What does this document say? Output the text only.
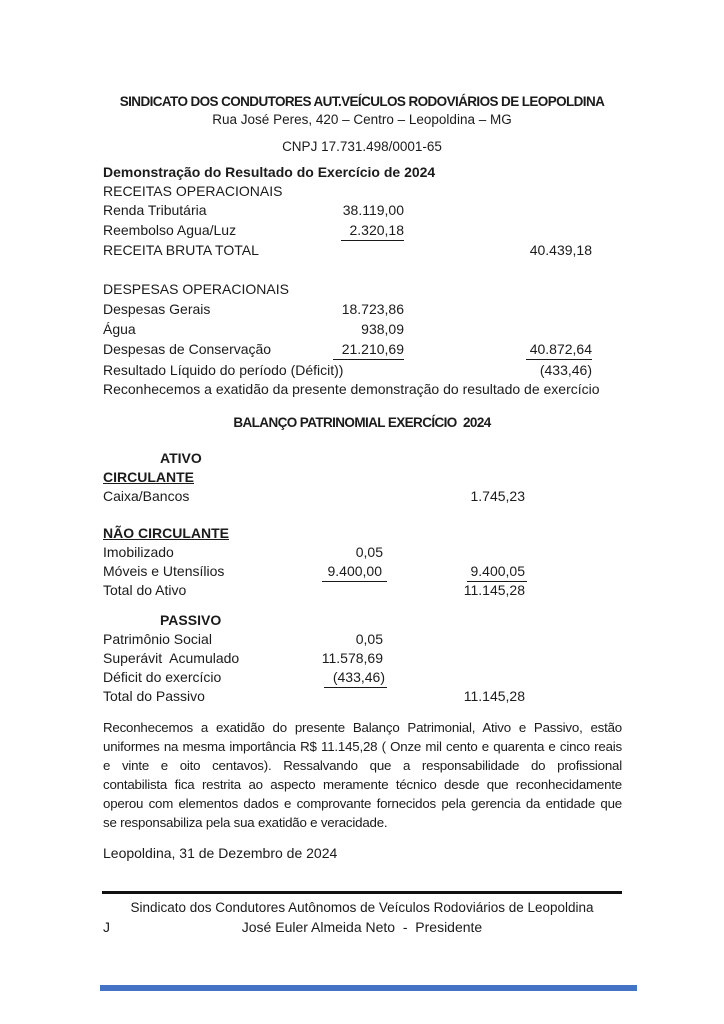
SINDICATO DOS CONDUTORES AUT.VEÍCULOS RODOVIÁRIOS DE LEOPOLDINA
Rua José Peres, 420 – Centro – Leopoldina – MG
CNPJ 17.731.498/0001-65
Demonstração do Resultado do Exercício de 2024
RECEITAS OPERACIONAIS
Renda Tributária	38.119,00
Reembolso Agua/Luz	2.320,18
RECEITA BRUTA TOTAL	40.439,18
DESPESAS OPERACIONAIS
Despesas Gerais	18.723,86
Água	938,09
Despesas de Conservação	21.210,69	40.872,64
Resultado Líquido do período (Déficit))	(433,46)
Reconhecemos a exatidão da presente demonstração do resultado de exercício
BALANÇO PATRINOMIAL EXERCÍCIO  2024
ATIVO
CIRCULANTE
Caixa/Bancos	1.745,23
NÃO CIRCULANTE
Imobilizado	0,05
Móveis e Utensílios	9.400,00	9.400,05
Total do Ativo	11.145,28
PASSIVO
Patrimônio Social	0,05
Superávit  Acumulado	11.578,69
Déficit do exercício	(433,46)
Total do Passivo	11.145,28
Reconhecemos a exatidão do presente Balanço Patrimonial, Ativo e Passivo, estão
uniformes na mesma importância R$ 11.145,28 ( Onze mil cento e quarenta e cinco reais
e vinte e oito centavos). Ressalvando que a responsabilidade do profissional
contabilista fica restrita ao aspecto meramente técnico desde que reconhecidamente
operou com elementos dados e comprovante fornecidos pela gerencia da entidade que
se responsabiliza pela sua exatidão e veracidade.
Leopoldina, 31 de Dezembro de 2024
Sindicato dos Condutores Autônomos de Veículos Rodoviários de Leopoldina
J	José Euler Almeida Neto  -  Presidente
